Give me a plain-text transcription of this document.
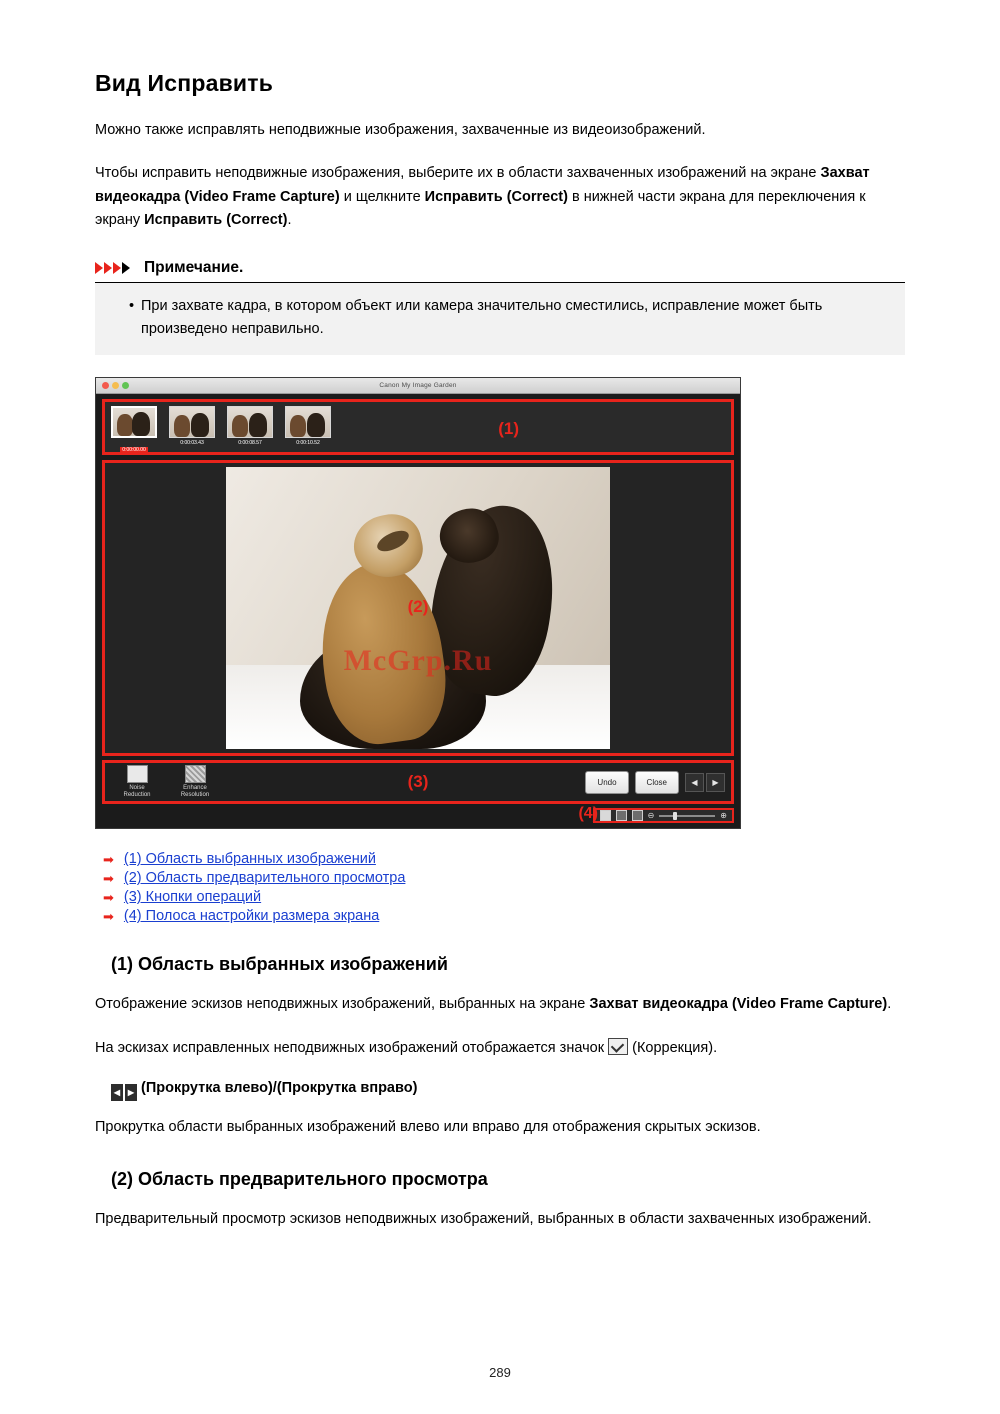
Вид Исправить

Можно также исправлять неподвижные изображения, захваченные из видеоизображений.

Чтобы исправить неподвижные изображения, выберите их в области захваченных изображений на экране Захват видеокадра (Video Frame Capture) и щелкните Исправить (Correct) в нижней части экрана для переключения к экрану Исправить (Correct).

Примечание.
• При захвате кадра, в котором объект или камера значительно сместились, исправление может быть произведено неправильно.
Canon My Image Garden
0:00:00.00
0:00:03.43	0:00:08.57	0:00:10.52
(1)
McGrp.Ru
(2)
Noise
Reduction
Enhance
Resolution
(3)	Undo	Close	◀	▶
(4)	⊖	⊕
➡ (1) Область выбранных изображений
➡ (2) Область предварительного просмотра
➡ (3) Кнопки операций
➡ (4) Полоса настройки размера экрана
(1) Область выбранных изображений

Отображение эскизов неподвижных изображений, выбранных на экране Захват видеокадра (Video Frame Capture).

На эскизах исправленных неподвижных изображений отображается значок  (Коррекция).

◀ ▶ (Прокрутка влево)/(Прокрутка вправо)

Прокрутка области выбранных изображений влево или вправо для отображения скрытых эскизов.

(2) Область предварительного просмотра

Предварительный просмотр эскизов неподвижных изображений, выбранных в области захваченных изображений.

289
